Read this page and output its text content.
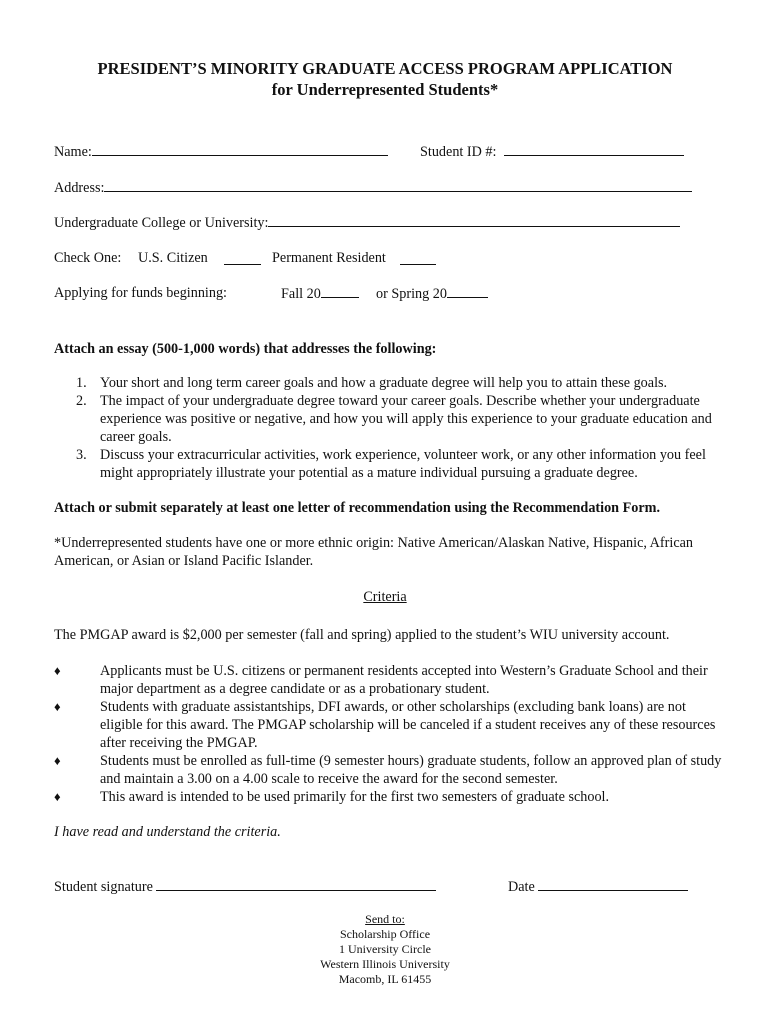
PRESIDENT’S MINORITY GRADUATE ACCESS PROGRAM APPLICATION
for Underrepresented Students*
Name:	Student ID #:
Address:
Undergraduate College or University:
Check One: U.S. Citizen	Permanent Resident
Applying for funds beginning:	Fall 20	or Spring 20
Attach an essay (500-1,000 words) that addresses the following:
1. Your short and long term career goals and how a graduate degree will help you to attain these goals.
2. The impact of your undergraduate degree toward your career goals. Describe whether your undergraduate experience was positive or negative, and how you will apply this experience to your graduate education and career goals.
3. Discuss your extracurricular activities, work experience, volunteer work, or any other information you feel might appropriately illustrate your potential as a mature individual pursuing a graduate degree.
Attach or submit separately at least one letter of recommendation using the Recommendation Form.
*Underrepresented students have one or more ethnic origin: Native American/Alaskan Native, Hispanic, African American, or Asian or Island Pacific Islander.
Criteria
The PMGAP award is $2,000 per semester (fall and spring) applied to the student’s WIU university account.
♦	Applicants must be U.S. citizens or permanent residents accepted into Western’s Graduate School and their major department as a degree candidate or as a probationary student.
♦	Students with graduate assistantships, DFI awards, or other scholarships (excluding bank loans) are not eligible for this award. The PMGAP scholarship will be canceled if a student receives any of these resources after receiving the PMGAP.
♦	Students must be enrolled as full-time (9 semester hours) graduate students, follow an approved plan of study and maintain a 3.00 on a 4.00 scale to receive the award for the second semester.
♦	This award is intended to be used primarily for the first two semesters of graduate school.
I have read and understand the criteria.
Student signature	Date
Send to:
Scholarship Office
1 University Circle
Western Illinois University
Macomb, IL 61455
